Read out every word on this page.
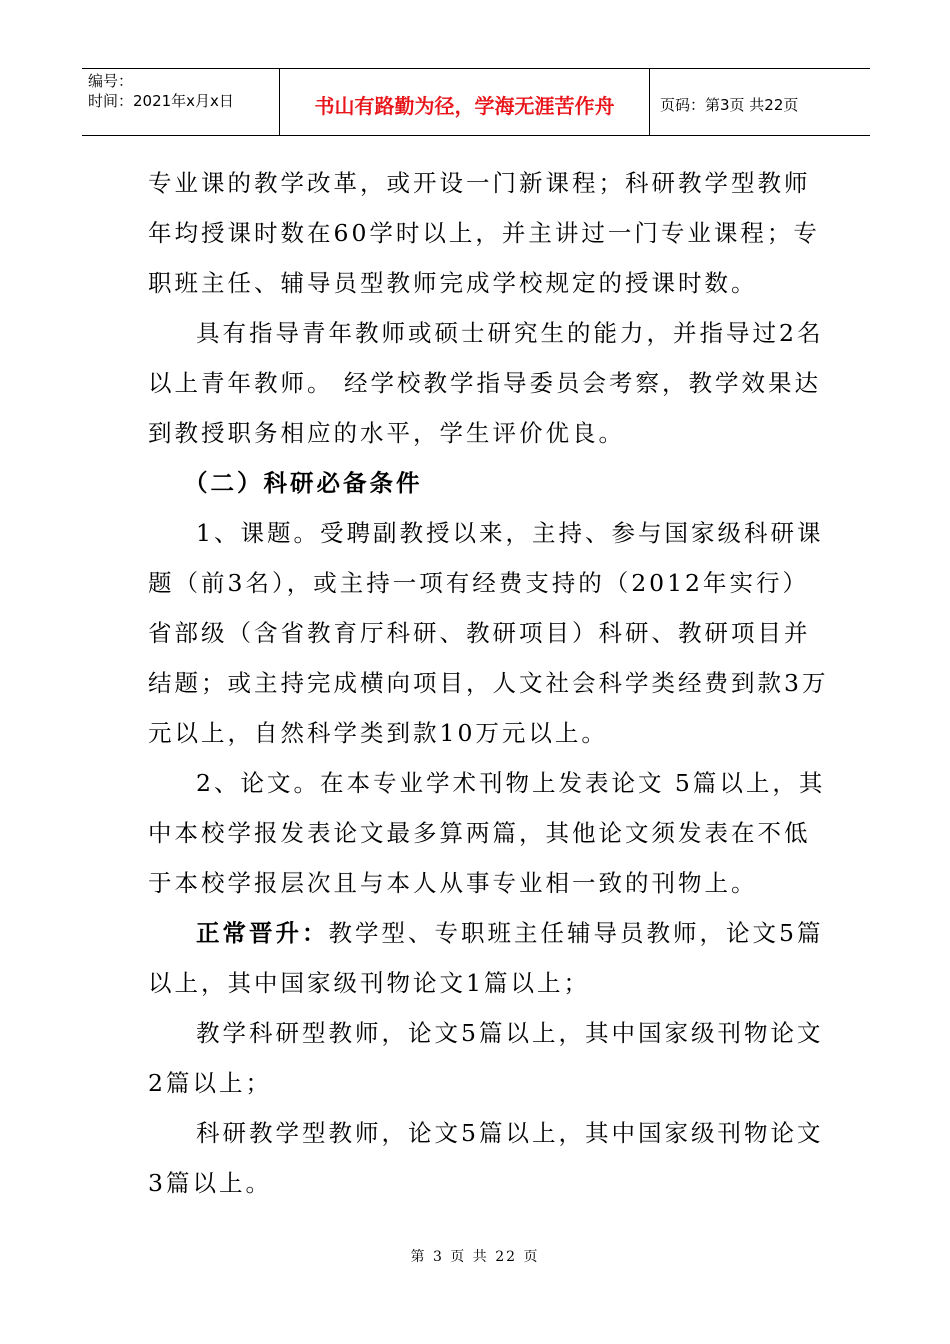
编号：
时间：2021年x月x日	书山有路勤为径，学海无涯苦作舟	页码：第3页 共22页

专业课的教学改革，或开设一门新课程；科研教学型教师

年均授课时数在60学时以上，并主讲过一门专业课程；专

职班主任、辅导员型教师完成学校规定的授课时数。

具有指导青年教师或硕士研究生的能力，并指导过2名

以上青年教师。 经学校教学指导委员会考察，教学效果达

到教授职务相应的水平，学生评价优良。

（二）科研必备条件

1、课题。受聘副教授以来，主持、参与国家级科研课

题（前3名），或主持一项有经费支持的（2012年实行）

省部级（含省教育厅科研、教研项目）科研、教研项目并

结题；或主持完成横向项目，人文社会科学类经费到款3万

元以上，自然科学类到款10万元以上。

2、论文。在本专业学术刊物上发表论文 5篇以上，其

中本校学报发表论文最多算两篇，其他论文须发表在不低

于本校学报层次且与本人从事专业相一致的刊物上。

正常晋升：教学型、专职班主任辅导员教师，论文5篇

以上，其中国家级刊物论文1篇以上；

教学科研型教师，论文5篇以上，其中国家级刊物论文

2篇以上；

科研教学型教师，论文5篇以上，其中国家级刊物论文

3篇以上。

第 3 页 共 22 页
